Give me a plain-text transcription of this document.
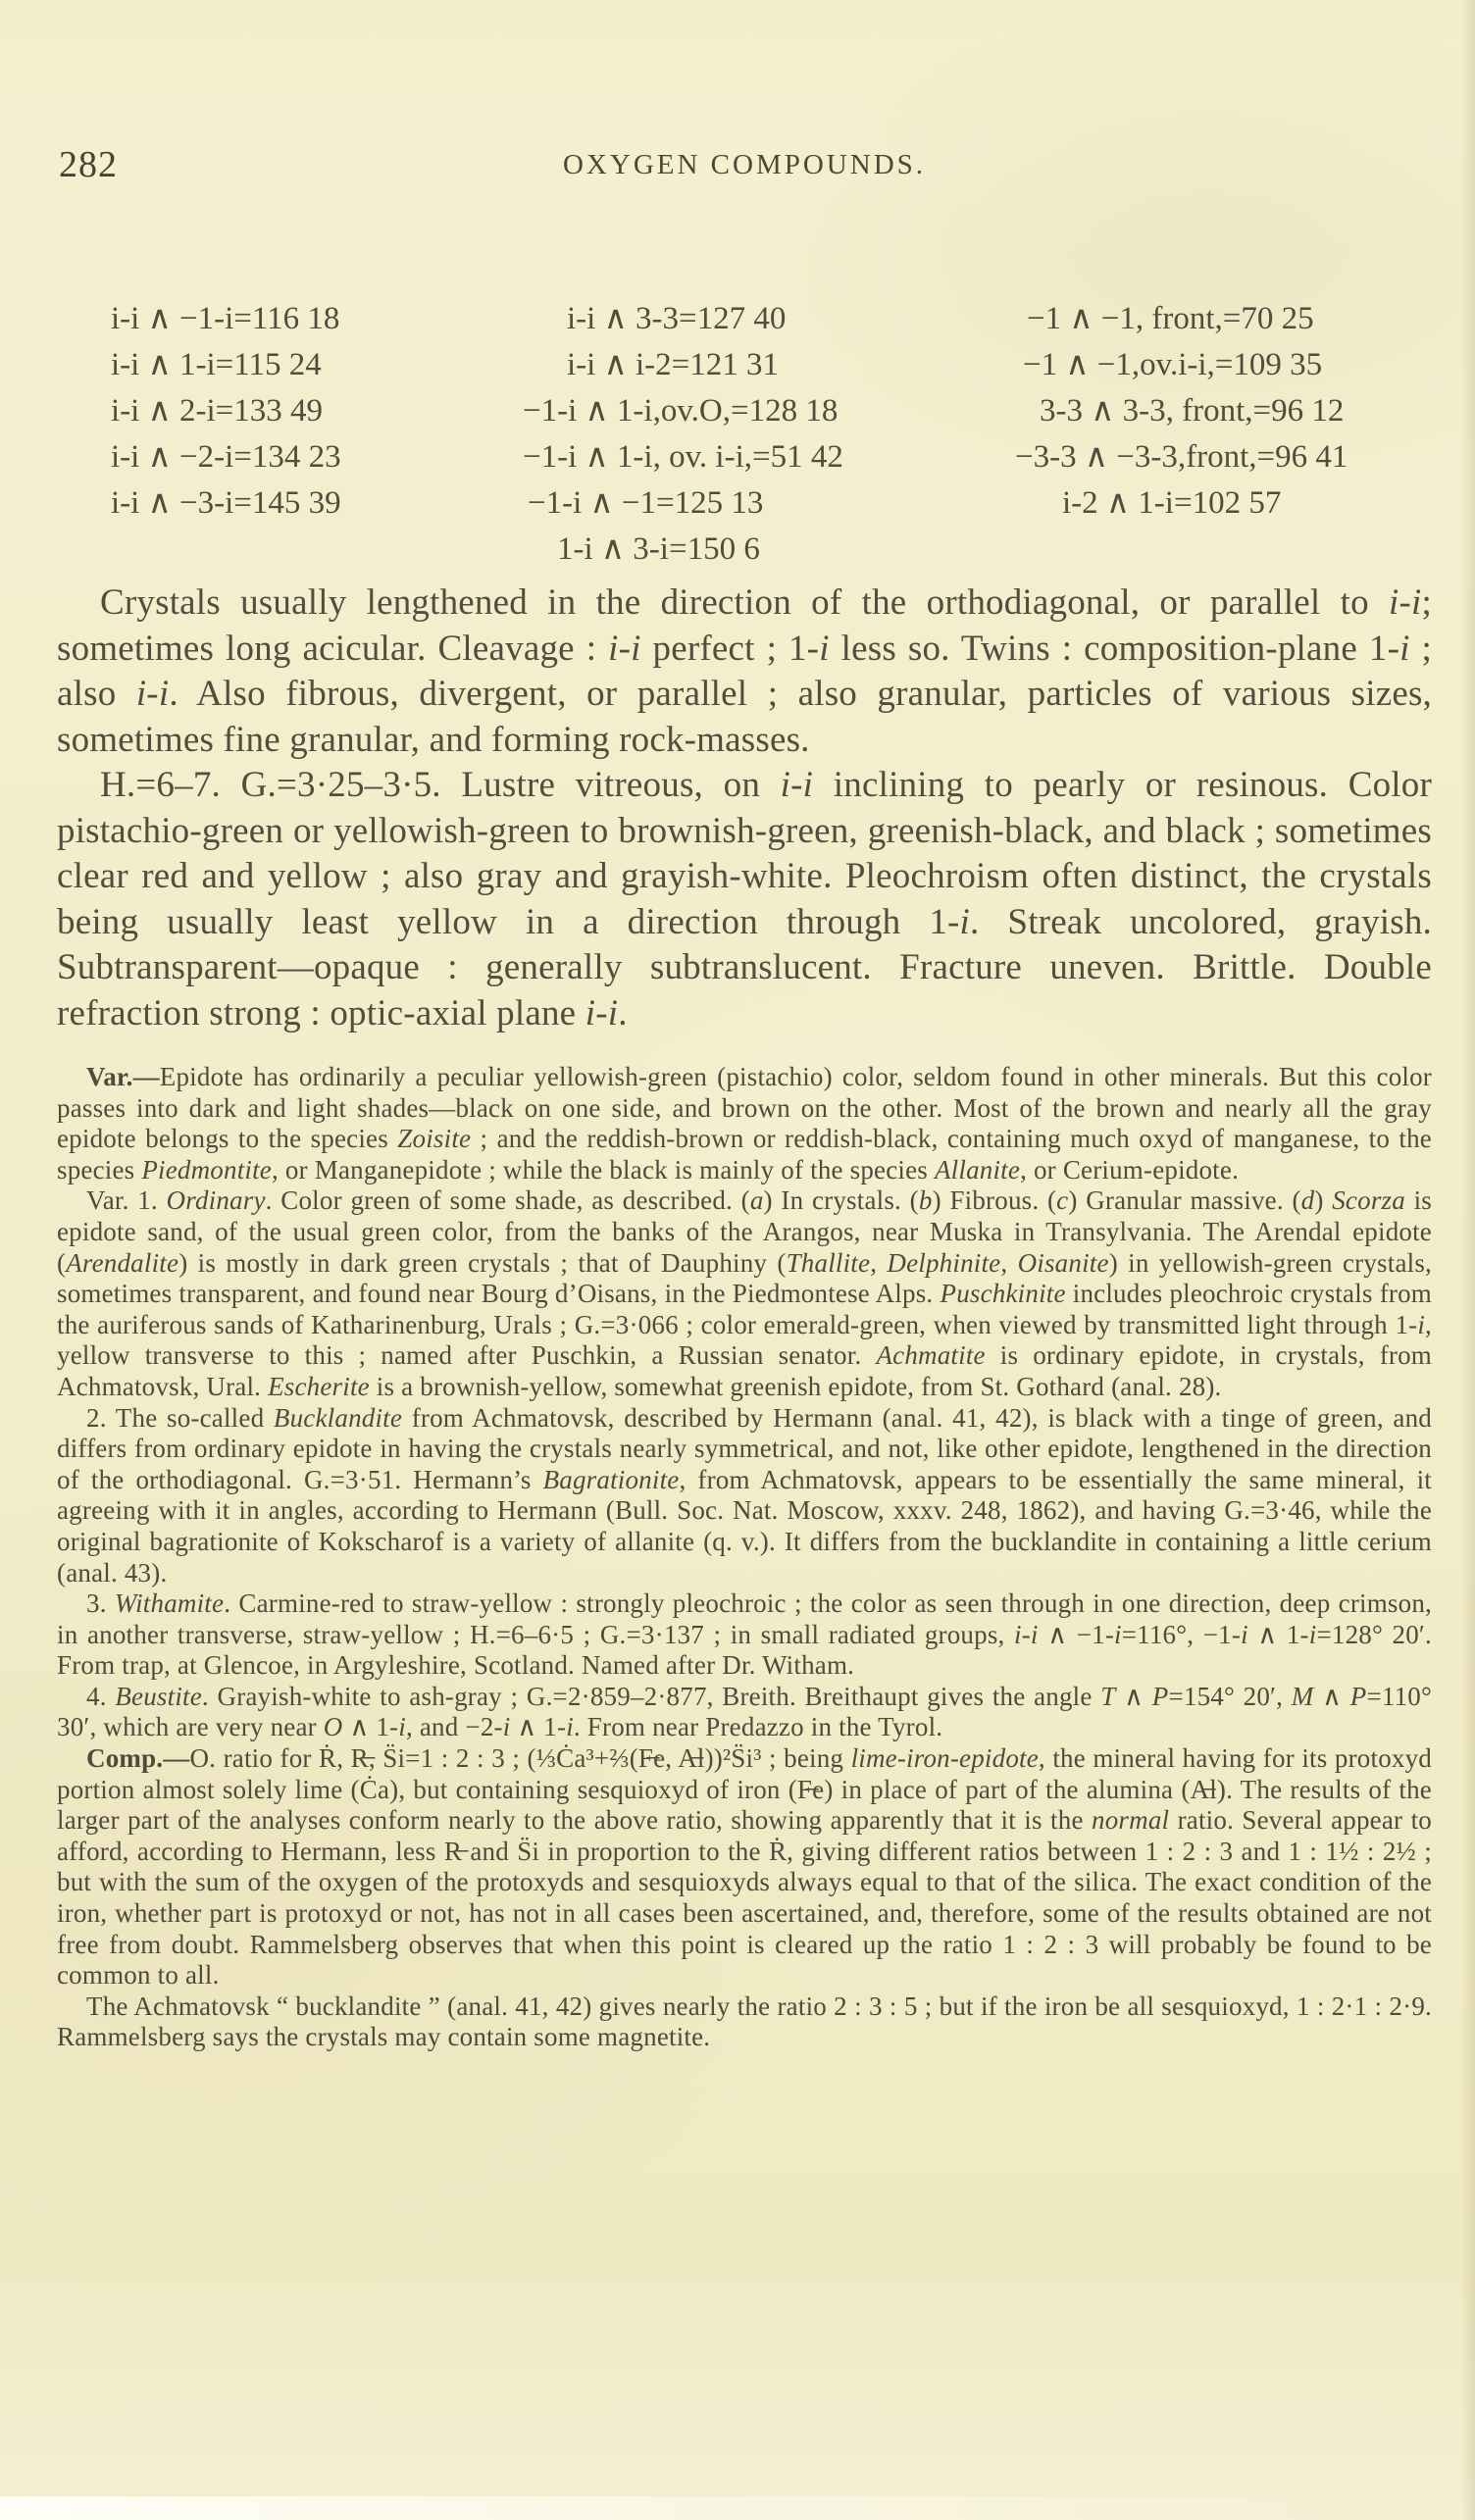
282	OXYGEN COMPOUNDS.
i-i ∧ −1-i=116 18
i-i ∧ 1-i=115 24
i-i ∧ 2-i=133 49
i-i ∧ −2-i=134 23
i-i ∧ −3-i=145 39
i-i ∧ 3-3=127 40
i-i ∧ i-2=121 31
−1-i ∧ 1-i,ov.O,=128 18
−1-i ∧ 1-i, ov. i-i,=51 42
−1-i ∧ −1=125 13
1-i ∧ 3-i=150 6
−1 ∧ −1, front,=70 25
−1 ∧ −1,ov.i-i,=109 35
3-3 ∧ 3-3, front,=96 12
−3-3 ∧ −3-3,front,=96 41
i-2 ∧ 1-i=102 57

Crystals usually lengthened in the direction of the orthodiagonal, or parallel to i-i; sometimes long acicular. Cleavage : i-i perfect ; 1-i less so. Twins : composition-plane 1-i ; also i-i. Also fibrous, divergent, or parallel ; also granular, particles of various sizes, sometimes fine granular, and forming rock-masses.

H.=6–7. G.=3·25–3·5. Lustre vitreous, on i-i inclining to pearly or resinous. Color pistachio-green or yellowish-green to brownish-green, greenish-black, and black ; sometimes clear red and yellow ; also gray and grayish-white. Pleochroism often distinct, the crystals being usually least yellow in a direction through 1-i. Streak uncolored, grayish. Subtransparent—opaque : generally subtranslucent. Fracture uneven. Brittle. Double refraction strong : optic-axial plane i-i.

Var.—Epidote has ordinarily a peculiar yellowish-green (pistachio) color, seldom found in other minerals. But this color passes into dark and light shades—black on one side, and brown on the other. Most of the brown and nearly all the gray epidote belongs to the species Zoisite ; and the reddish-brown or reddish-black, containing much oxyd of manganese, to the species Piedmontite, or Manganepidote ; while the black is mainly of the species Allanite, or Cerium-epidote.

Var. 1. Ordinary. Color green of some shade, as described. (a) In crystals. (b) Fibrous. (c) Granular massive. (d) Scorza is epidote sand, of the usual green color, from the banks of the Arangos, near Muska in Transylvania. The Arendal epidote (Arendalite) is mostly in dark green crystals ; that of Dauphiny (Thallite, Delphinite, Oisanite) in yellowish-green crystals, sometimes transparent, and found near Bourg d’Oisans, in the Piedmontese Alps. Puschkinite includes pleochroic crystals from the auriferous sands of Katharinenburg, Urals ; G.=3·066 ; color emerald-green, when viewed by transmitted light through 1-i, yellow transverse to this ; named after Puschkin, a Russian senator. Achmatite is ordinary epidote, in crystals, from Achmatovsk, Ural. Escherite is a brownish-yellow, somewhat greenish epidote, from St. Gothard (anal. 28).

2. The so-called Bucklandite from Achmatovsk, described by Hermann (anal. 41, 42), is black with a tinge of green, and differs from ordinary epidote in having the crystals nearly symmetrical, and not, like other epidote, lengthened in the direction of the orthodiagonal. G.=3·51. Hermann’s Bagrationite, from Achmatovsk, appears to be essentially the same mineral, it agreeing with it in angles, according to Hermann (Bull. Soc. Nat. Moscow, xxxv. 248, 1862), and having G.=3·46, while the original bagrationite of Kokscharof is a variety of allanite (q. v.). It differs from the bucklandite in containing a little cerium (anal. 43).

3. Withamite. Carmine-red to straw-yellow : strongly pleochroic ; the color as seen through in one direction, deep crimson, in another transverse, straw-yellow ; H.=6–6·5 ; G.=3·137 ; in small radiated groups, i-i ∧ −1-i=116°, −1-i ∧ 1-i=128° 20′. From trap, at Glencoe, in Argyleshire, Scotland. Named after Dr. Witham.

4. Beustite. Grayish-white to ash-gray ; G.=2·859–2·877, Breith. Breithaupt gives the angle T ∧ P=154° 20′, M ∧ P=110° 30′, which are very near O ∧ 1-i, and −2-i ∧ 1-i. From near Predazzo in the Tyrol.

Comp.—O. ratio for Ṙ, R̶, S̈i=1 : 2 : 3 ; (⅓Ċa³+⅔(F̶e, A̶l))²S̈i³ ; being lime-iron-epidote, the mineral having for its protoxyd portion almost solely lime (Ċa), but containing sesquioxyd of iron (F̶e) in place of part of the alumina (A̶l). The results of the larger part of the analyses conform nearly to the above ratio, showing apparently that it is the normal ratio. Several appear to afford, according to Hermann, less R̶ and S̈i in proportion to the Ṙ, giving different ratios between 1 : 2 : 3 and 1 : 1½ : 2½ ; but with the sum of the oxygen of the protoxyds and sesquioxyds always equal to that of the silica. The exact condition of the iron, whether part is protoxyd or not, has not in all cases been ascertained, and, therefore, some of the results obtained are not free from doubt. Rammelsberg observes that when this point is cleared up the ratio 1 : 2 : 3 will probably be found to be common to all.

The Achmatovsk “ bucklandite ” (anal. 41, 42) gives nearly the ratio 2 : 3 : 5 ; but if the iron be all sesquioxyd, 1 : 2·1 : 2·9. Rammelsberg says the crystals may contain some magnetite.
